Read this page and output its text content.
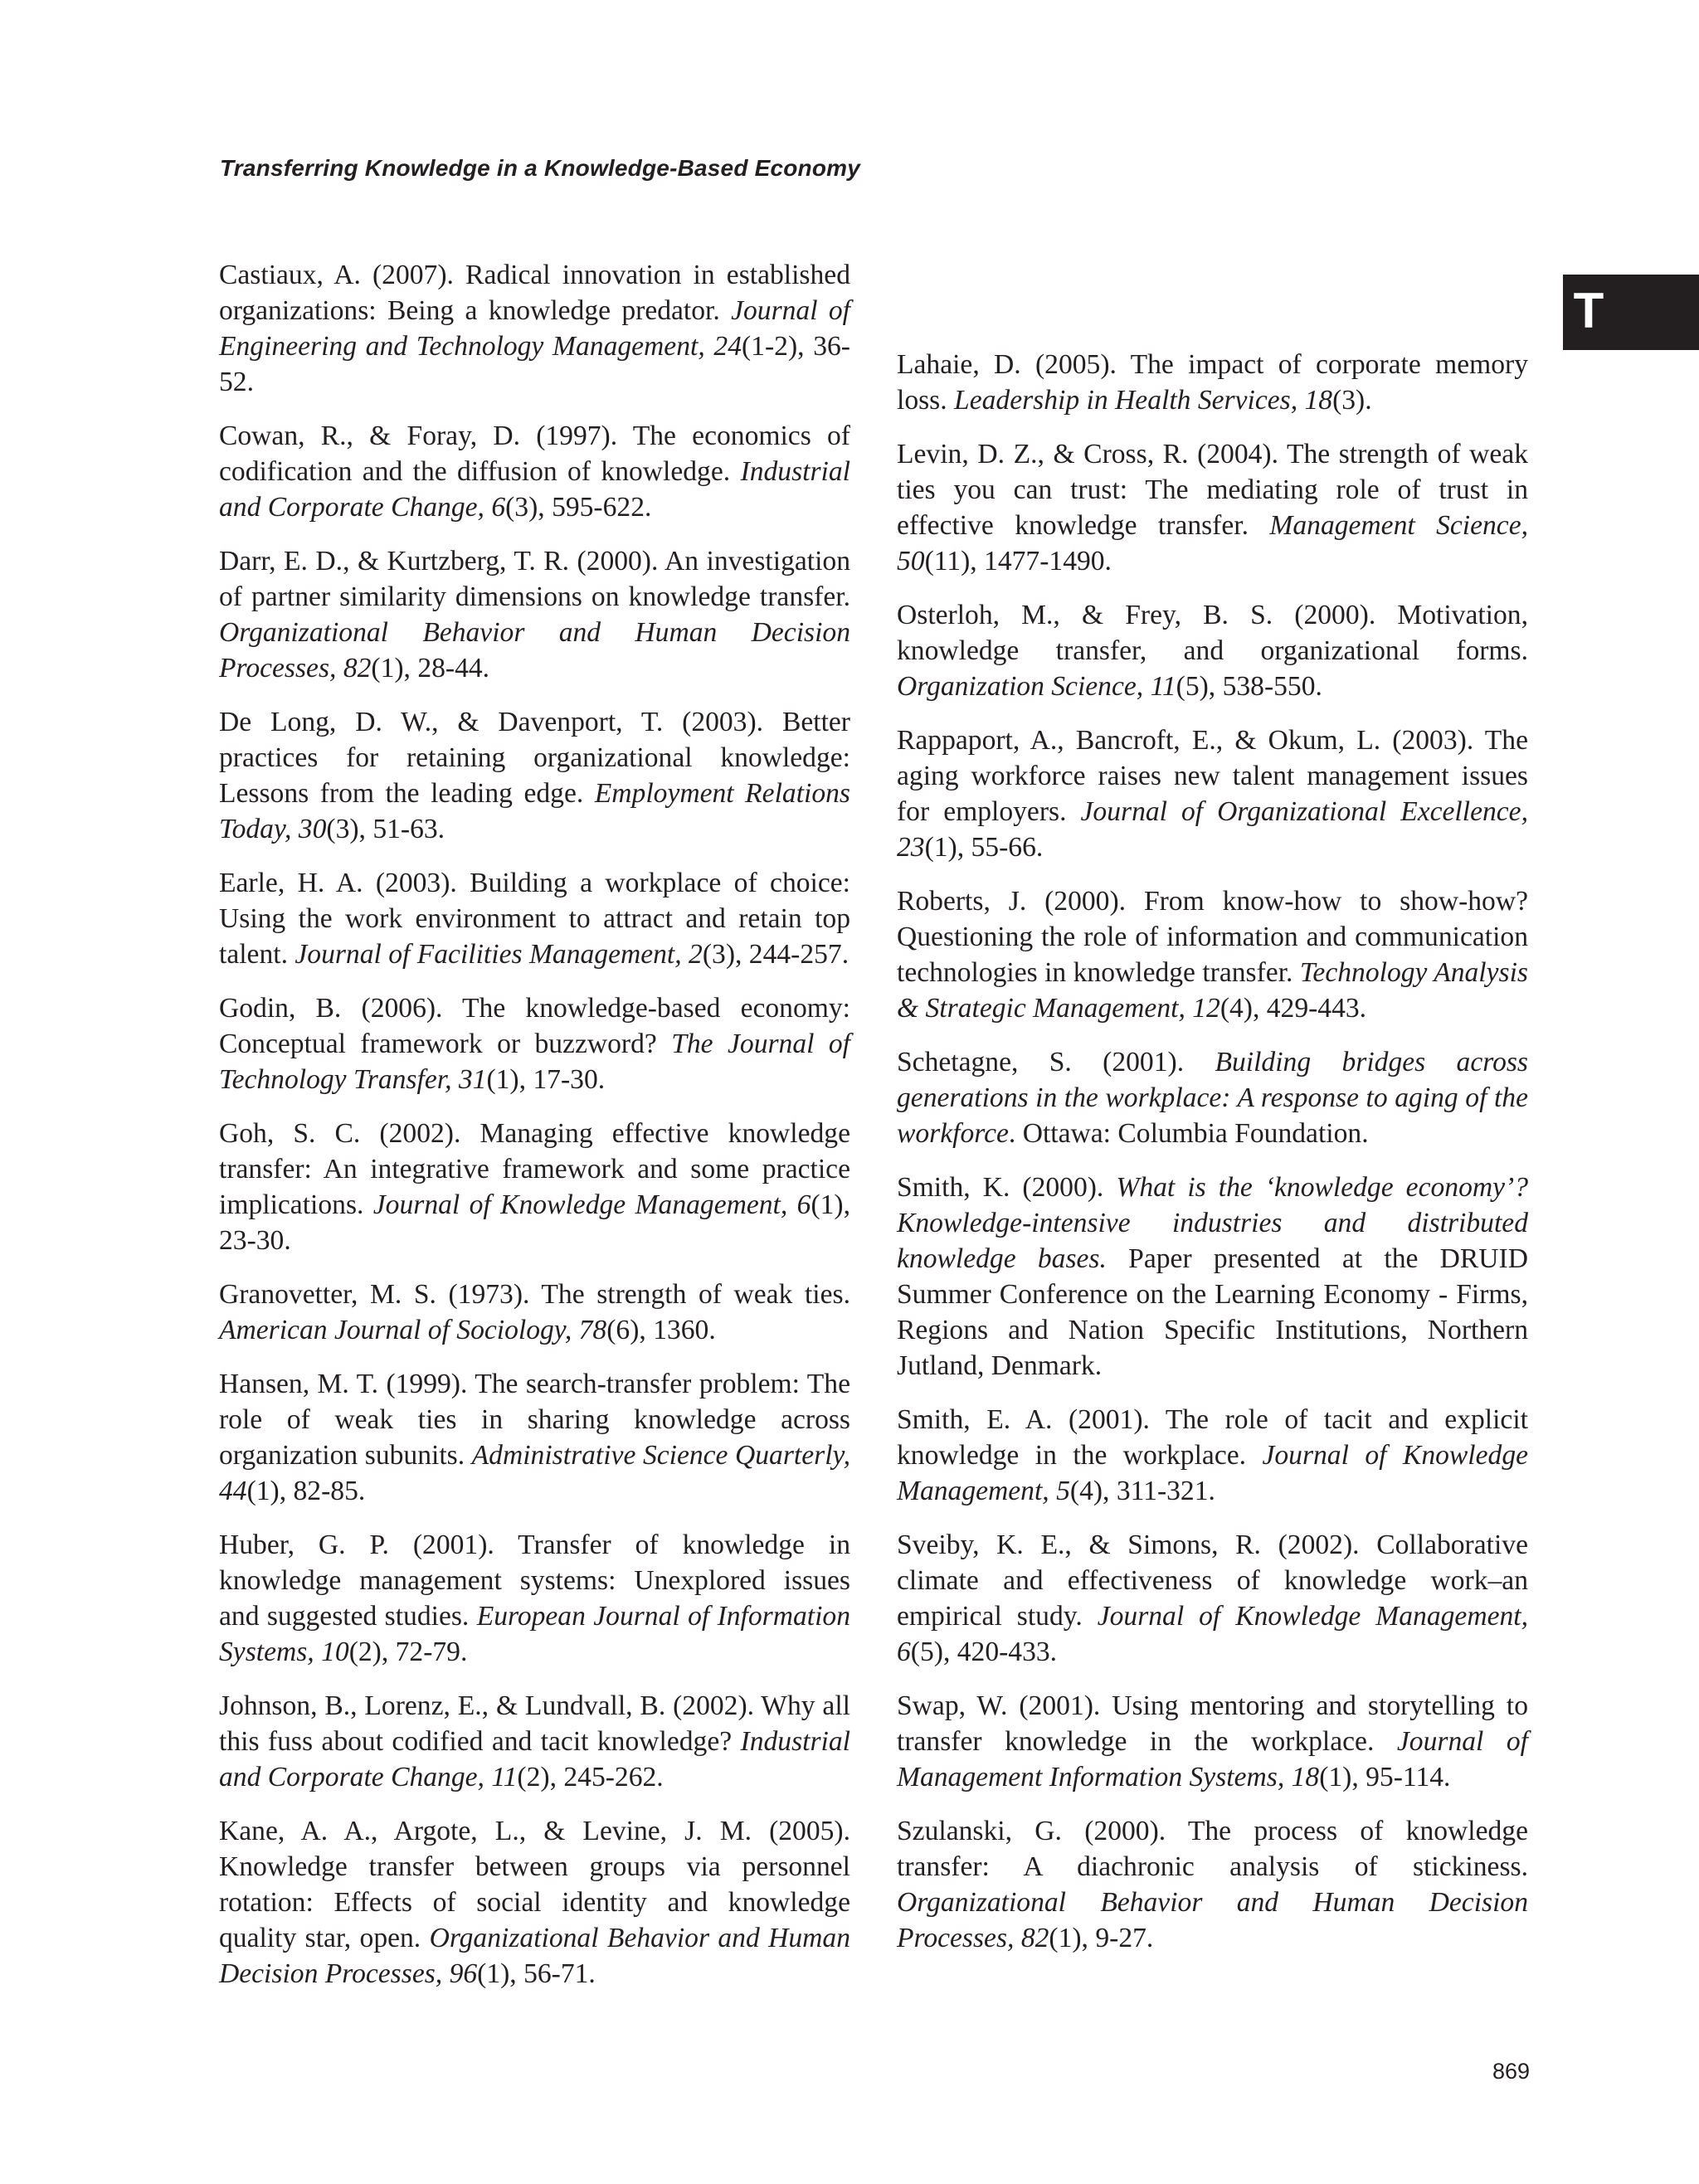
Transferring Knowledge in a Knowledge-Based Economy
T

Castiaux, A. (2007). Radical innovation in established organizations: Being a knowledge predator. Journal of Engineering and Technology Management, 24(1-2), 36-52.

Cowan, R., & Foray, D. (1997). The economics of codification and the diffusion of knowledge. Industrial and Corporate Change, 6(3), 595-622.

Darr, E. D., & Kurtzberg, T. R. (2000). An investigation of partner similarity dimensions on knowledge transfer. Organizational Behavior and Human Decision Processes, 82(1), 28-44.

De Long, D. W., & Davenport, T. (2003). Better practices for retaining organizational knowledge: Lessons from the leading edge. Employment Relations Today, 30(3), 51-63.

Earle, H. A. (2003). Building a workplace of choice: Using the work environment to attract and retain top talent. Journal of Facilities Management, 2(3), 244-257.

Godin, B. (2006). The knowledge-based economy: Conceptual framework or buzzword? The Journal of Technology Transfer, 31(1), 17-30.

Goh, S. C. (2002). Managing effective knowledge transfer: An integrative framework and some practice implications. Journal of Knowledge Management, 6(1), 23-30.

Granovetter, M. S. (1973). The strength of weak ties. American Journal of Sociology, 78(6), 1360.

Hansen, M. T. (1999). The search-transfer problem: The role of weak ties in sharing knowledge across organization subunits. Administrative Science Quarterly, 44(1), 82-85.

Huber, G. P. (2001). Transfer of knowledge in knowledge management systems: Unexplored issues and suggested studies. European Journal of Information Systems, 10(2), 72-79.

Johnson, B., Lorenz, E., & Lundvall, B. (2002). Why all this fuss about codified and tacit knowledge? Industrial and Corporate Change, 11(2), 245-262.

Kane, A. A., Argote, L., & Levine, J. M. (2005). Knowledge transfer between groups via personnel rotation: Effects of social identity and knowledge quality star, open. Organizational Behavior and Human Decision Processes, 96(1), 56-71.

Lahaie, D. (2005). The impact of corporate memory loss. Leadership in Health Services, 18(3).

Levin, D. Z., & Cross, R. (2004). The strength of weak ties you can trust: The mediating role of trust in effective knowledge transfer. Management Science, 50(11), 1477-1490.

Osterloh, M., & Frey, B. S. (2000). Motivation, knowledge transfer, and organizational forms. Organization Science, 11(5), 538-550.

Rappaport, A., Bancroft, E., & Okum, L. (2003). The aging workforce raises new talent management issues for employers. Journal of Organizational Excellence, 23(1), 55-66.

Roberts, J. (2000). From know-how to show-how? Questioning the role of information and communication technologies in knowledge transfer. Technology Analysis & Strategic Management, 12(4), 429-443.

Schetagne, S. (2001). Building bridges across generations in the workplace: A response to aging of the workforce. Ottawa: Columbia Foundation.

Smith, K. (2000). What is the ‘knowledge economy’? Knowledge-intensive industries and distributed knowledge bases. Paper presented at the DRUID Summer Conference on the Learning Economy - Firms, Regions and Nation Specific Institutions, Northern Jutland, Denmark.

Smith, E. A. (2001). The role of tacit and explicit knowledge in the workplace. Journal of Knowledge Management, 5(4), 311-321.

Sveiby, K. E., & Simons, R. (2002). Collaborative climate and effectiveness of knowledge work–an empirical study. Journal of Knowledge Management, 6(5), 420-433.

Swap, W. (2001). Using mentoring and storytelling to transfer knowledge in the workplace. Journal of Management Information Systems, 18(1), 95-114.

Szulanski, G. (2000). The process of knowledge transfer: A diachronic analysis of stickiness. Organizational Behavior and Human Decision Processes, 82(1), 9-27.

869
